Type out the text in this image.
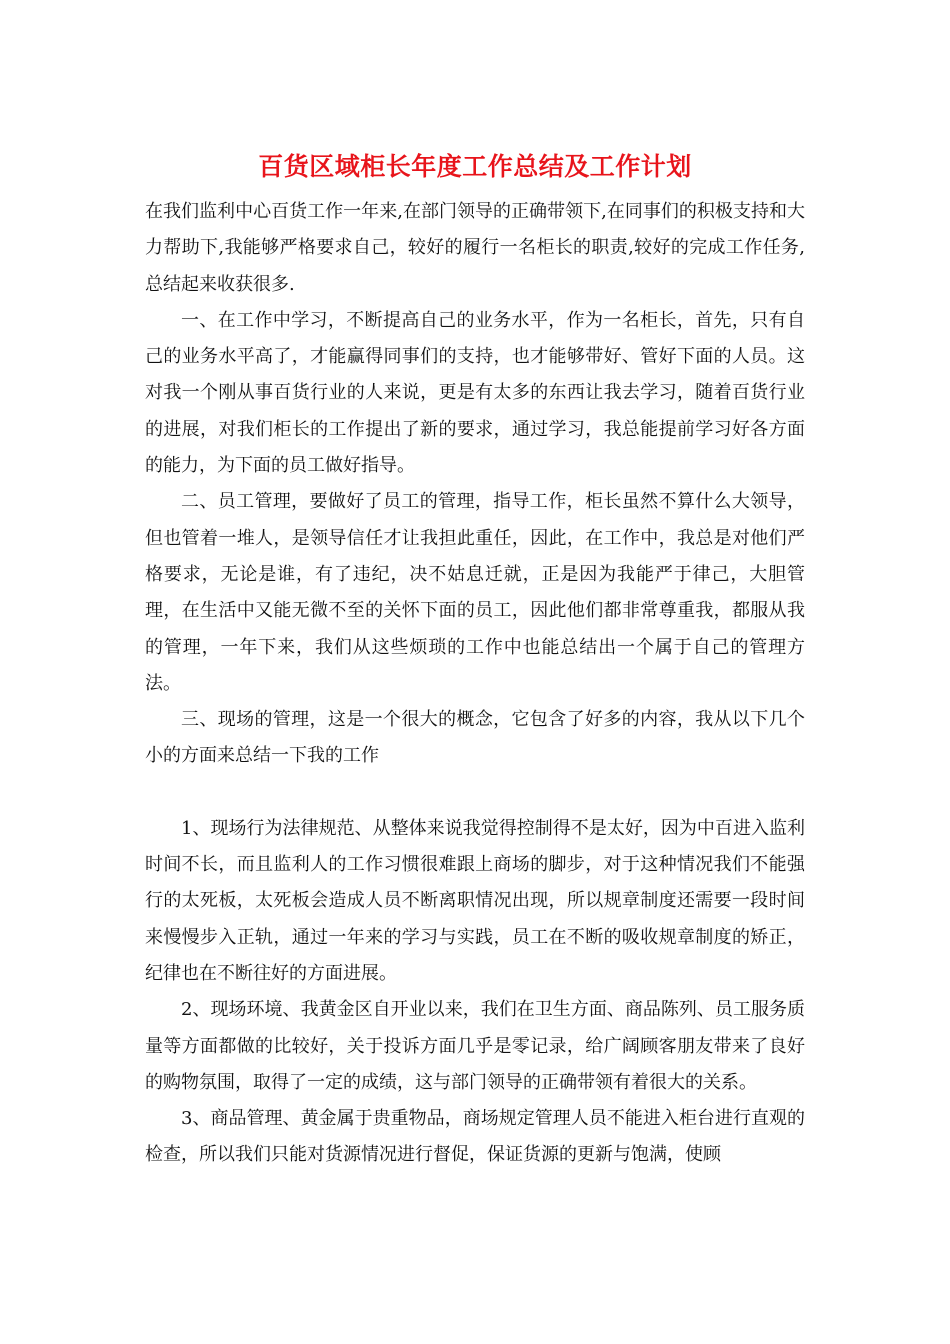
百货区域柜长年度工作总结及工作计划

在我们监利中心百货工作一年来,在部门领导的正确带领下,在同事们的积极支持和大力帮助下,我能够严格要求自己，较好的履行一名柜长的职责,较好的完成工作任务,总结起来收获很多.

一、在工作中学习，不断提高自己的业务水平，作为一名柜长，首先，只有自己的业务水平高了，才能赢得同事们的支持，也才能够带好、管好下面的人员。这对我一个刚从事百货行业的人来说，更是有太多的东西让我去学习，随着百货行业的进展，对我们柜长的工作提出了新的要求，通过学习，我总能提前学习好各方面的能力，为下面的员工做好指导。

二、员工管理，要做好了员工的管理，指导工作，柜长虽然不算什么大领导，但也管着一堆人，是领导信任才让我担此重任，因此，在工作中，我总是对他们严格要求，无论是谁，有了违纪，决不姑息迁就，正是因为我能严于律己，大胆管理，在生活中又能无微不至的关怀下面的员工，因此他们都非常尊重我，都服从我的管理，一年下来，我们从这些烦琐的工作中也能总结出一个属于自己的管理方法。

三、现场的管理，这是一个很大的概念，它包含了好多的内容，我从以下几个小的方面来总结一下我的工作

1、现场行为法律规范、从整体来说我觉得控制得不是太好，因为中百进入监利时间不长，而且监利人的工作习惯很难跟上商场的脚步，对于这种情况我们不能强行的太死板，太死板会造成人员不断离职情况出现，所以规章制度还需要一段时间来慢慢步入正轨，通过一年来的学习与实践，员工在不断的吸收规章制度的矫正，纪律也在不断往好的方面进展。

2、现场环境、我黄金区自开业以来，我们在卫生方面、商品陈列、员工服务质量等方面都做的比较好，关于投诉方面几乎是零记录，给广阔顾客朋友带来了良好的购物氛围，取得了一定的成绩，这与部门领导的正确带领有着很大的关系。

3、商品管理、黄金属于贵重物品，商场规定管理人员不能进入柜台进行直观的检查，所以我们只能对货源情况进行督促，保证货源的更新与饱满，使顾
